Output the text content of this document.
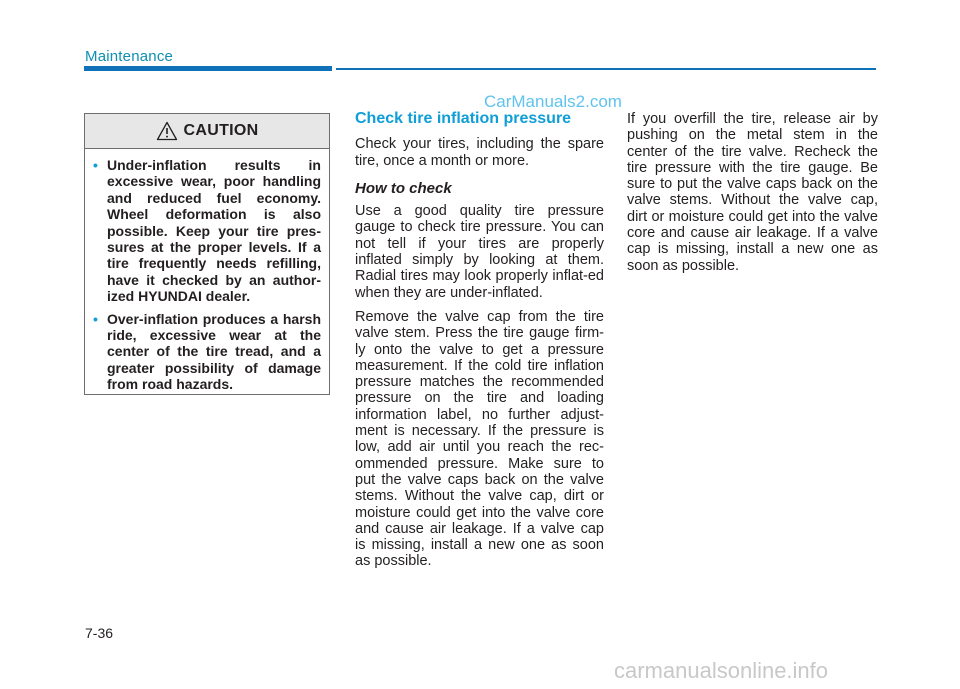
Maintenance
CarManuals2.com
CAUTION
• Under-inflation results in excessive wear, poor handling and reduced fuel economy. Wheel deformation is also possible. Keep your tire pres-sures at the proper levels. If a tire frequently needs refilling, have it checked by an author-ized HYUNDAI dealer.
• Over-inflation produces a harsh ride, excessive wear at the center of the tire tread, and a greater possibility of damage from road hazards.
Check tire inflation pressure

Check your tires, including the spare tire, once a month or more.

How to check

Use a good quality tire pressure gauge to check tire pressure. You can not tell if your tires are properly inflated simply by looking at them. Radial tires may look properly inflat-ed when they are under-inflated.

Remove the valve cap from the tire valve stem. Press the tire gauge firm-ly onto the valve to get a pressure measurement. If the cold tire inflation pressure matches the recommended pressure on the tire and loading information label, no further adjust-ment is necessary. If the pressure is low, add air until you reach the rec-ommended pressure. Make sure to put the valve caps back on the valve stems. Without the valve cap, dirt or moisture could get into the valve core and cause air leakage. If a valve cap is missing, install a new one as soon as possible.

If you overfill the tire, release air by pushing on the metal stem in the center of the tire valve. Recheck the tire pressure with the tire gauge. Be sure to put the valve caps back on the valve stems. Without the valve cap, dirt or moisture could get into the valve core and cause air leakage. If a valve cap is missing, install a new one as soon as possible.

7-36
carmanualsonline.info
